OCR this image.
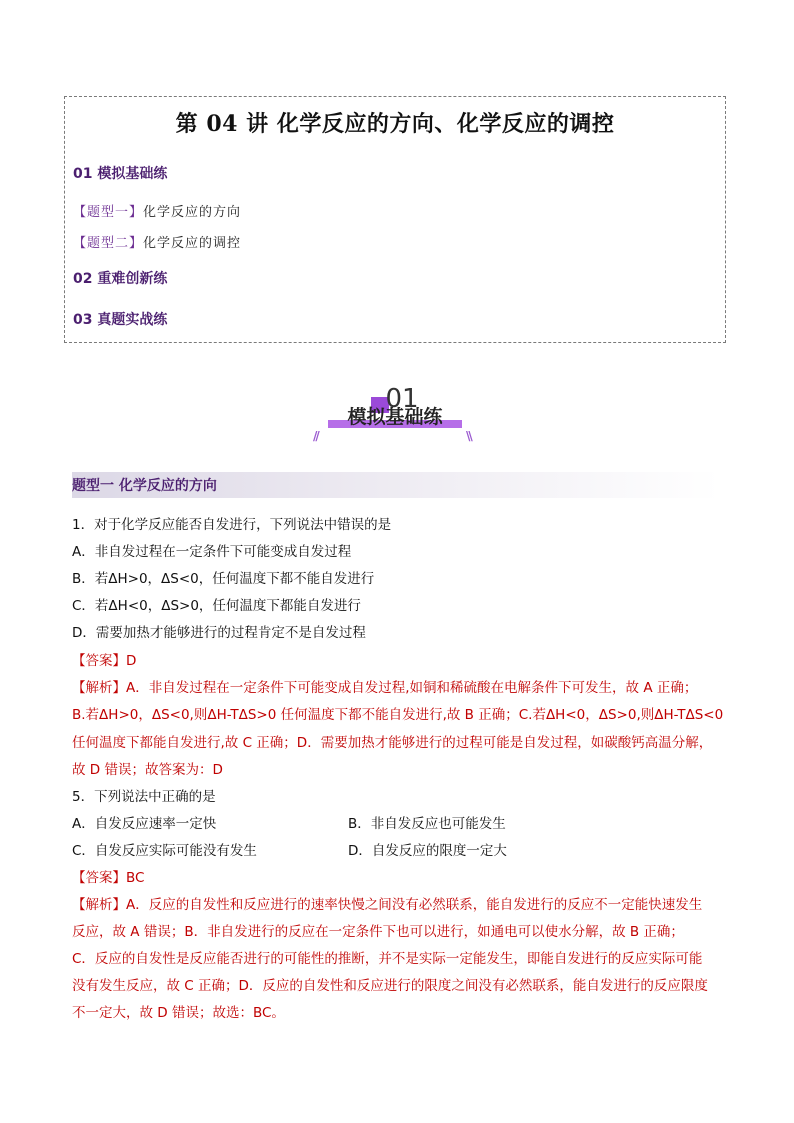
第 04 讲 化学反应的方向、化学反应的调控
01 模拟基础练
【题型一】化学反应的方向
【题型二】化学反应的调控
02 重难创新练
03 真题实战练
01
模拟基础练
//	\\
题型一 化学反应的方向
1．对于化学反应能否自发进行，下列说法中错误的是
A．非自发过程在一定条件下可能变成自发过程
B．若ΔH>0，ΔS<0，任何温度下都不能自发进行
C．若ΔH<0，ΔS>0，任何温度下都能自发进行
D．需要加热才能够进行的过程肯定不是自发过程
【答案】D
【解析】A．非自发过程在一定条件下可能变成自发过程,如铜和稀硫酸在电解条件下可发生，故 A 正确；
B.若ΔH>0，ΔS<0,则ΔH-TΔS>0 任何温度下都不能自发进行,故 B 正确；C.若ΔH<0，ΔS>0,则ΔH-TΔS<0
任何温度下都能自发进行,故 C 正确；D．需要加热才能够进行的过程可能是自发过程，如碳酸钙高温分解，
故 D 错误；故答案为：D
5．下列说法中正确的是
A．自发反应速率一定快	B．非自发反应也可能发生
C．自发反应实际可能没有发生	D．自发反应的限度一定大
【答案】BC
【解析】A．反应的自发性和反应进行的速率快慢之间没有必然联系，能自发进行的反应不一定能快速发生
反应，故 A 错误；B．非自发进行的反应在一定条件下也可以进行，如通电可以使水分解，故 B 正确；
C．反应的自发性是反应能否进行的可能性的推断，并不是实际一定能发生，即能自发进行的反应实际可能
没有发生反应，故 C 正确；D．反应的自发性和反应进行的限度之间没有必然联系，能自发进行的反应限度
不一定大，故 D 错误；故选：BC。
